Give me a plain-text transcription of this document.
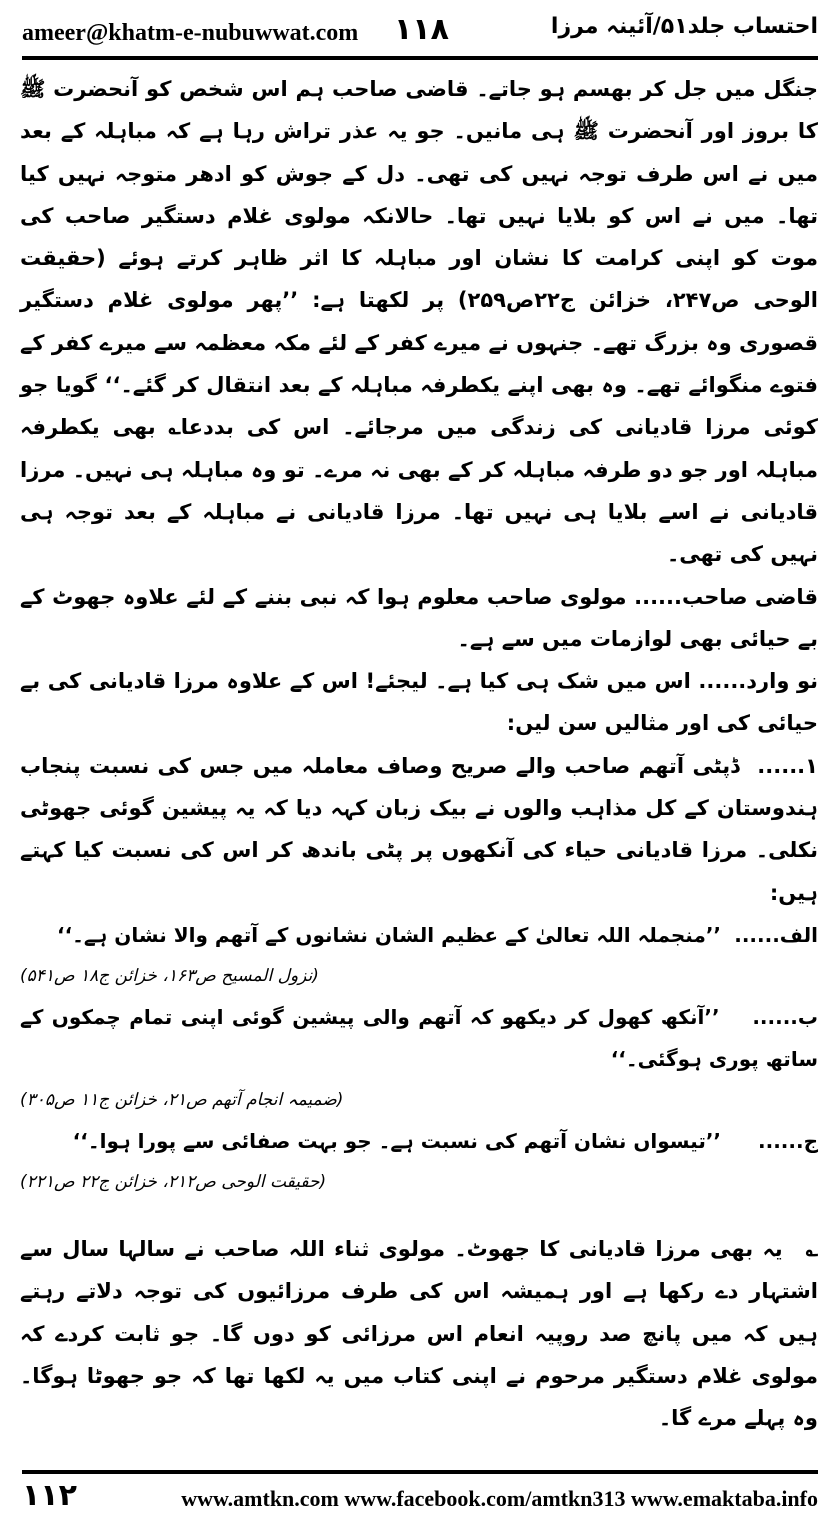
ameer@khatm-e-nubuwwat.com ١١٨	احتساب جلد۵۱/آئینہ مرزا

جنگل میں جل کر بھسم ہو جاتے۔ قاضی صاحب ہم اس شخص کو آنحضرت ﷺ کا بروز اور آنحضرت ﷺ ہی مانیں۔ جو یہ عذر تراش رہا ہے کہ مباہلہ کے بعد میں نے اس طرف توجہ نہیں کی تھی۔ دل کے جوش کو ادھر متوجہ نہیں کیا تھا۔ میں نے اس کو بلایا نہیں تھا۔ حالانکہ مولوی غلام دستگیر صاحب کی موت کو اپنی کرامت کا نشان اور مباہلہ کا اثر ظاہر کرتے ہوئے (حقیقت الوحی ص۲۴۷، خزائن ج۲۲ص۲۵۹) پر لکھتا ہے: ’’پھر مولوی غلام دستگیر قصوری وہ بزرگ تھے۔ جنہوں نے میرے کفر کے لئے مکہ معظمہ سے میرے کفر کے فتوے منگوائے تھے۔ وہ بھی اپنے یکطرفہ مباہلہ کے بعد انتقال کر گئے۔‘‘ گویا جو کوئی مرزا قادیانی کی زندگی میں مرجائے۔ اس کی بددعا؎ بھی یکطرفہ مباہلہ اور جو دو طرفہ مباہلہ کر کے بھی نہ مرے۔ تو وہ مباہلہ ہی نہیں۔ مرزا قادیانی نے اسے بلایا ہی نہیں تھا۔ مرزا قادیانی نے مباہلہ کے بعد توجہ ہی نہیں کی تھی۔

قاضی صاحب...... مولوی صاحب معلوم ہوا کہ نبی بننے کے لئے علاوہ جھوٹ کے بے حیائی بھی لوازمات میں سے ہے۔

نو وارد...... اس میں شک ہی کیا ہے۔ لیجئے! اس کے علاوہ مرزا قادیانی کی بے حیائی کی اور مثالیں سن لیں:

۱...... ڈپٹی آتھم صاحب والے صریح وصاف معاملہ میں جس کی نسبت پنجاب ہندوستان کے کل مذاہب والوں نے بیک زبان کہہ دیا کہ یہ پیشین گوئی جھوٹی نکلی۔ مرزا قادیانی حیاء کی آنکھوں پر پٹی باندھ کر اس کی نسبت کیا کہتے ہیں:

الف...... ’’منجملہ اللہ تعالیٰ کے عظیم الشان نشانوں کے آتھم والا نشان ہے۔‘‘

(نزول المسیح ص۱۶۳، خزائن ج۱۸ ص۵۴۱)

ب...... ’’آنکھ کھول کر دیکھو کہ آتھم والی پیشین گوئی اپنی تمام چمکوں کے ساتھ پوری ہوگئی۔‘‘

(ضمیمہ انجام آتھم ص۲۱، خزائن ج۱۱ ص۳۰۵)

ج...... ’’تیسواں نشان آتھم کی نسبت ہے۔ جو بہت صفائی سے پورا ہوا۔‘‘

(حقیقت الوحی ص۲۱۲، خزائن ج۲۲ ص۲۲۱)

؎ یہ بھی مرزا قادیانی کا جھوٹ۔ مولوی ثناء اللہ صاحب نے سالہا سال سے اشتہار دے رکھا ہے اور ہمیشہ اس کی طرف مرزائیوں کی توجہ دلاتے رہتے ہیں کہ میں پانچ صد روپیہ انعام اس مرزائی کو دوں گا۔ جو ثابت کردے کہ مولوی غلام دستگیر مرحوم نے اپنی کتاب میں یہ لکھا تھا کہ جو جھوٹا ہوگا۔ وہ پہلے مرے گا۔

١١٢	www.amtkn.com www.facebook.com/amtkn313 www.emaktaba.info
